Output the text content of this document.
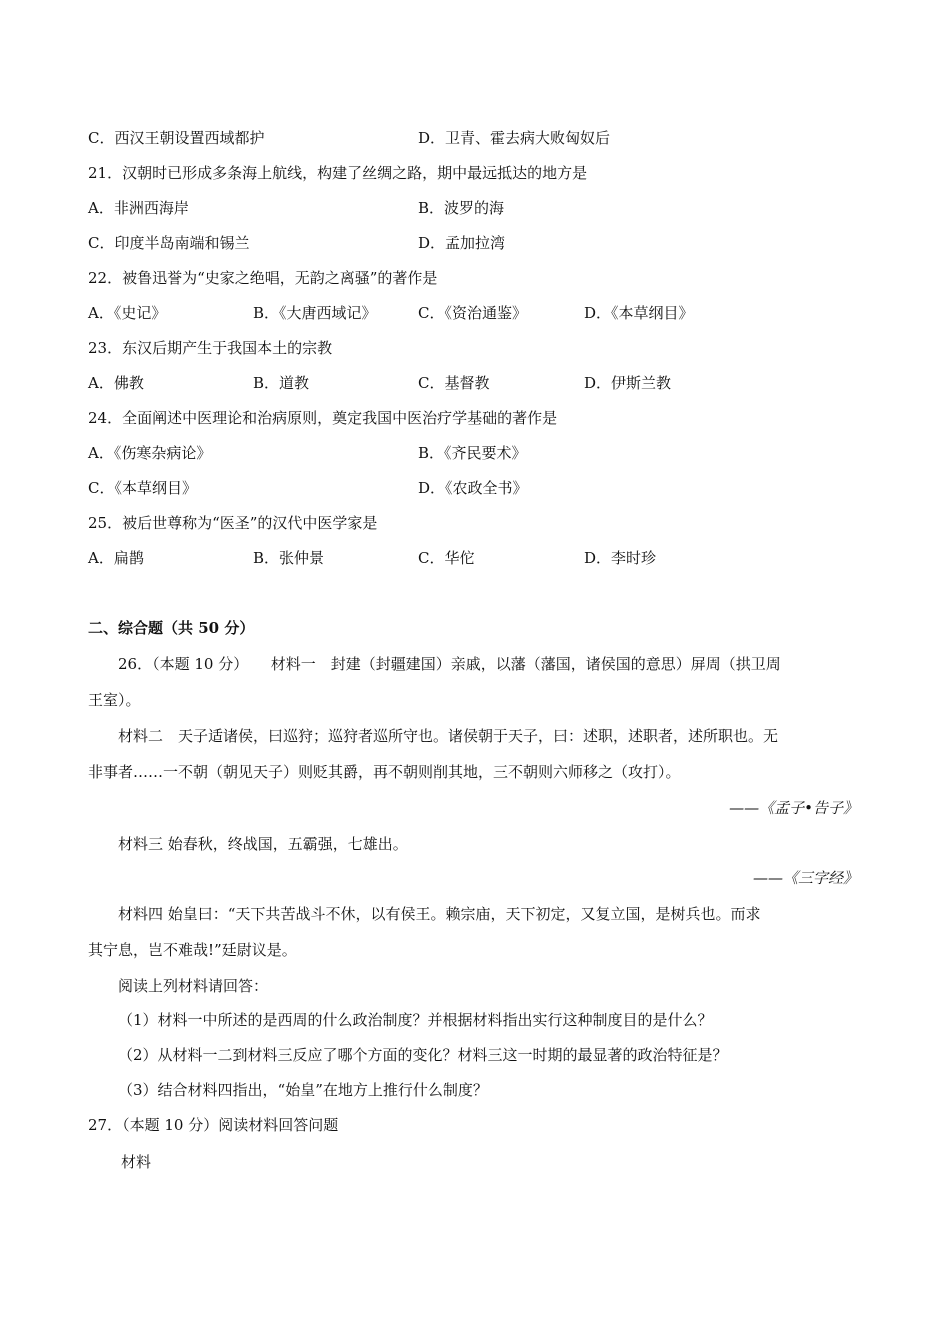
C．西汉王朝设置西域都护	D．卫青、霍去病大败匈奴后
21．汉朝时已形成多条海上航线，构建了丝绸之路，期中最远抵达的地方是
A．非洲西海岸	B．波罗的海
C．印度半岛南端和锡兰	D．孟加拉湾
22．被鲁迅誉为“史家之绝唱，无韵之离骚”的著作是
A．《史记》	B．《大唐西域记》	C．《资治通鉴》	D．《本草纲目》
23．东汉后期产生于我国本土的宗教
A．佛教	B．道教	C．基督教	D．伊斯兰教
24．全面阐述中医理论和治病原则，奠定我国中医治疗学基础的著作是
A．《伤寒杂病论》	B．《齐民要术》
C．《本草纲目》	D．《农政全书》
25．被后世尊称为“医圣”的汉代中医学家是
A．扁鹊	B．张仲景	C．华佗	D．李时珍
二、综合题（共 50 分）
26．（本题 10 分）　　材料一　封建（封疆建国）亲戚，以藩（藩国，诸侯国的意思）屏周（拱卫周
王室）。
材料二　天子适诸侯，曰巡狩；巡狩者巡所守也。诸侯朝于天子，曰：述职，述职者，述所职也。无
非事者……一不朝（朝见天子）则贬其爵，再不朝则削其地，三不朝则六师移之（攻打）。
——《孟子•告子》
材料三 始春秋，终战国，五霸强，七雄出。
——《三字经》
材料四 始皇曰：“天下共苦战斗不休，以有侯王。赖宗庙，天下初定，又复立国，是树兵也。而求
其宁息，岂不难哉!”廷尉议是。
阅读上列材料请回答：
（1）材料一中所述的是西周的什么政治制度？并根据材料指出实行这种制度目的是什么？
（2）从材料一二到材料三反应了哪个方面的变化？材料三这一时期的最显著的政治特征是？
（3）结合材料四指出，“始皇”在地方上推行什么制度？
27．（本题 10 分）阅读材料回答问题
材料
